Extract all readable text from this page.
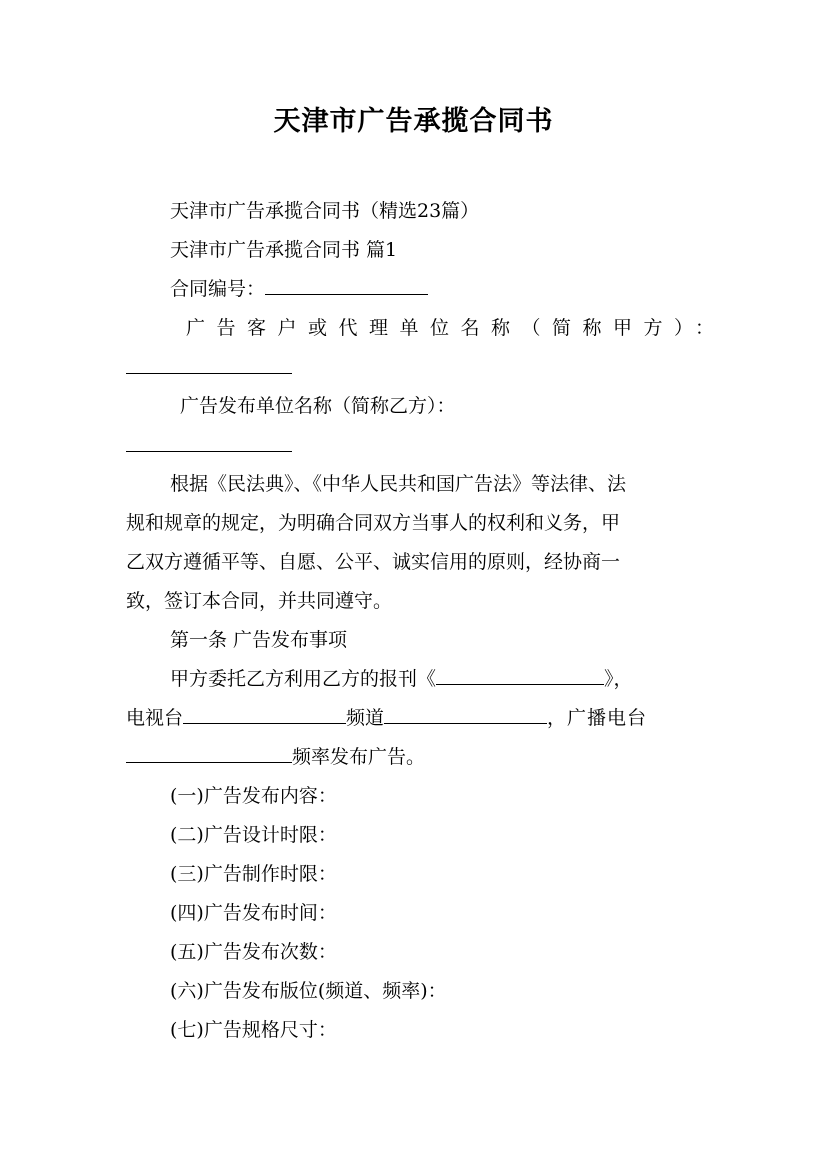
天津市广告承揽合同书
天津市广告承揽合同书（精选23篇）
天津市广告承揽合同书 篇1
合同编号：
广告客户或代理单位名称（简称甲方）：
广告发布单位名称（简称乙方）：
根据《民法典》、《中华人民共和国广告法》等法律、法
规和规章的规定，为明确合同双方当事人的权利和义务，甲
乙双方遵循平等、自愿、公平、诚实信用的原则，经协商一
致，签订本合同，并共同遵守。
第一条 广告发布事项
甲方委托乙方利用乙方的报刊《	》，
电视台	频道	，广播电台
频率发布广告。
(一)广告发布内容：
(二)广告设计时限：
(三)广告制作时限：
(四)广告发布时间：
(五)广告发布次数：
(六)广告发布版位(频道、频率)：
(七)广告规格尺寸：
